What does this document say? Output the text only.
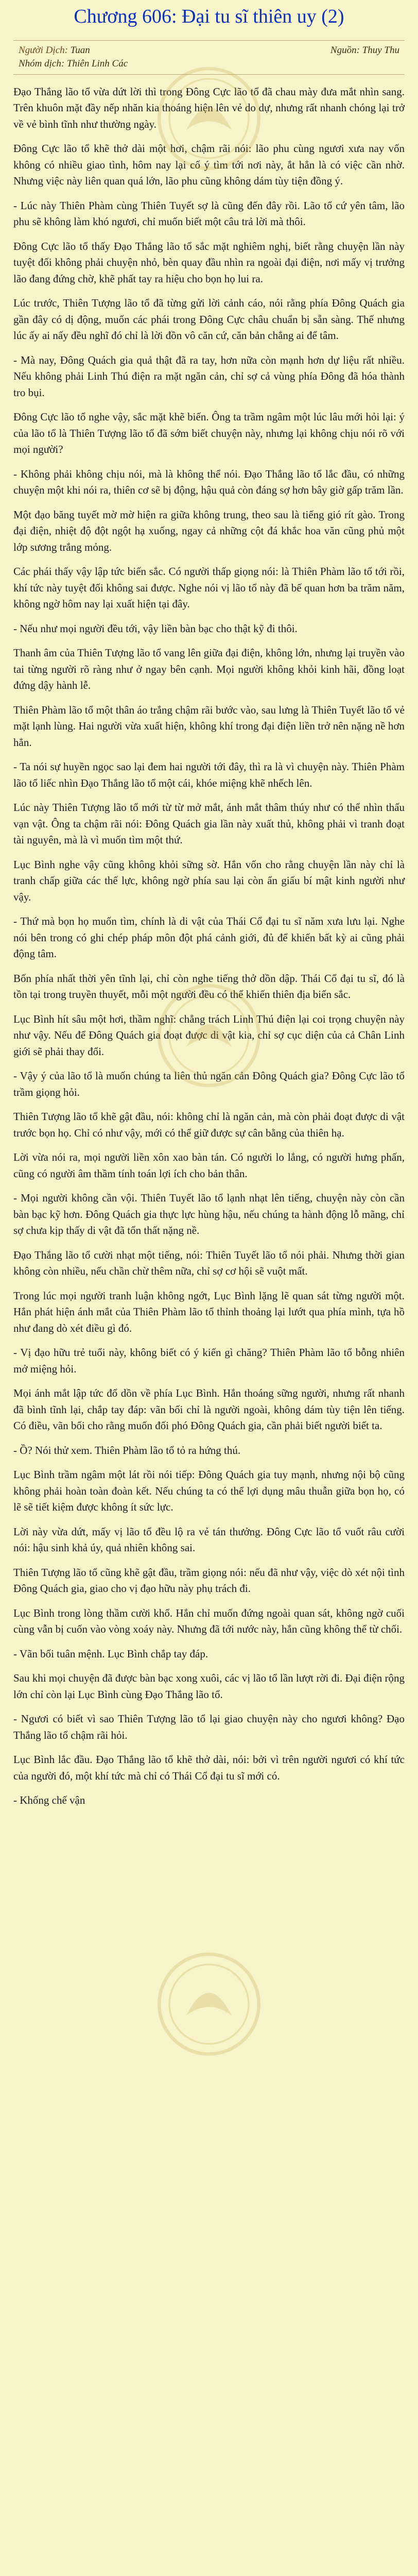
Chương 606: Đại tu sĩ thiên uy (2)
Người Dịch: Tuan	Nguồn: Thuy Thu
Nhóm dịch: Thiên Linh Các

Đạo Thắng lão tổ vừa dứt lời thì trong Đông Cực lão tổ đã chau mày đưa mắt nhìn sang. Trên khuôn mặt đầy nếp nhăn kia thoáng hiện lên vẻ do dự, nhưng rất nhanh chóng lại trở về vẻ bình tĩnh như thường ngày.

Đông Cực lão tổ khẽ thở dài một hơi, chậm rãi nói: lão phu cùng ngươi xưa nay vốn không có nhiều giao tình, hôm nay lại cố ý tìm tới nơi này, ắt hẳn là có việc cần nhờ. Nhưng việc này liên quan quá lớn, lão phu cũng không dám tùy tiện đồng ý.

- Lúc này Thiên Phàm cùng Thiên Tuyết sợ là cũng đến đây rồi. Lão tổ cứ yên tâm, lão phu sẽ không làm khó ngươi, chỉ muốn biết một câu trả lời mà thôi.

Đông Cực lão tổ thấy Đạo Thắng lão tổ sắc mặt nghiêm nghị, biết rằng chuyện lần này tuyệt đối không phải chuyện nhỏ, bèn quay đầu nhìn ra ngoài đại điện, nơi mấy vị trưởng lão đang đứng chờ, khẽ phất tay ra hiệu cho bọn họ lui ra.

Lúc trước, Thiên Tượng lão tổ đã từng gửi lời cảnh cáo, nói rằng phía Đông Quách gia gần đây có dị động, muốn các phái trong Đông Cực châu chuẩn bị sẵn sàng. Thế nhưng lúc ấy ai nấy đều nghĩ đó chỉ là lời đồn vô căn cứ, căn bản chẳng ai để tâm.

- Mà nay, Đông Quách gia quả thật đã ra tay, hơn nữa còn mạnh hơn dự liệu rất nhiều. Nếu không phải Linh Thú điện ra mặt ngăn cản, chỉ sợ cả vùng phía Đông đã hóa thành tro bụi.

Đông Cực lão tổ nghe vậy, sắc mặt khẽ biến. Ông ta trầm ngâm một lúc lâu mới hỏi lại: ý của lão tổ là Thiên Tượng lão tổ đã sớm biết chuyện này, nhưng lại không chịu nói rõ với mọi người?

- Không phải không chịu nói, mà là không thể nói. Đạo Thắng lão tổ lắc đầu, có những chuyện một khi nói ra, thiên cơ sẽ bị động, hậu quả còn đáng sợ hơn bây giờ gấp trăm lần.

Một đạo băng tuyết mờ mờ hiện ra giữa không trung, theo sau là tiếng gió rít gào. Trong đại điện, nhiệt độ đột ngột hạ xuống, ngay cả những cột đá khắc hoa văn cũng phủ một lớp sương trắng mỏng.

Các phái thấy vậy lập tức biến sắc. Có người thấp giọng nói: là Thiên Phàm lão tổ tới rồi, khí tức này tuyệt đối không sai được. Nghe nói vị lão tổ này đã bế quan hơn ba trăm năm, không ngờ hôm nay lại xuất hiện tại đây.

- Nếu như mọi người đều tới, vậy liền bàn bạc cho thật kỹ đi thôi.

Thanh âm của Thiên Tượng lão tổ vang lên giữa đại điện, không lớn, nhưng lại truyền vào tai từng người rõ ràng như ở ngay bên cạnh. Mọi người không khỏi kinh hãi, đồng loạt đứng dậy hành lễ.

Thiên Phàm lão tổ một thân áo trắng chậm rãi bước vào, sau lưng là Thiên Tuyết lão tổ vẻ mặt lạnh lùng. Hai người vừa xuất hiện, không khí trong đại điện liền trở nên nặng nề hơn hẳn.

- Ta nói sự huyền ngọc sao lại đem hai người tới đây, thì ra là vì chuyện này. Thiên Phàm lão tổ liếc nhìn Đạo Thắng lão tổ một cái, khóe miệng khẽ nhếch lên.

Lúc này Thiên Tượng lão tổ mới từ từ mở mắt, ánh mắt thâm thúy như có thể nhìn thấu vạn vật. Ông ta chậm rãi nói: Đông Quách gia lần này xuất thủ, không phải vì tranh đoạt tài nguyên, mà là vì muốn tìm một thứ.

Lục Bình nghe vậy cũng không khỏi sững sờ. Hắn vốn cho rằng chuyện lần này chỉ là tranh chấp giữa các thế lực, không ngờ phía sau lại còn ẩn giấu bí mật kinh người như vậy.

- Thứ mà bọn họ muốn tìm, chính là di vật của Thái Cổ đại tu sĩ năm xưa lưu lại. Nghe nói bên trong có ghi chép pháp môn đột phá cảnh giới, đủ để khiến bất kỳ ai cũng phải động tâm.

Bốn phía nhất thời yên tĩnh lại, chỉ còn nghe tiếng thở dồn dập. Thái Cổ đại tu sĩ, đó là tồn tại trong truyền thuyết, mỗi một người đều có thể khiến thiên địa biến sắc.

Lục Bình hít sâu một hơi, thầm nghĩ: chẳng trách Linh Thú điện lại coi trọng chuyện này như vậy. Nếu để Đông Quách gia đoạt được di vật kia, chỉ sợ cục diện của cả Chân Linh giới sẽ phải thay đổi.

- Vậy ý của lão tổ là muốn chúng ta liên thủ ngăn cản Đông Quách gia? Đông Cực lão tổ trầm giọng hỏi.

Thiên Tượng lão tổ khẽ gật đầu, nói: không chỉ là ngăn cản, mà còn phải đoạt được di vật trước bọn họ. Chỉ có như vậy, mới có thể giữ được sự cân bằng của thiên hạ.

Lời vừa nói ra, mọi người liền xôn xao bàn tán. Có người lo lắng, có người hưng phấn, cũng có người âm thầm tính toán lợi ích cho bản thân.

- Mọi người không cần vội. Thiên Tuyết lão tổ lạnh nhạt lên tiếng, chuyện này còn cần bàn bạc kỹ hơn. Đông Quách gia thực lực hùng hậu, nếu chúng ta hành động lỗ mãng, chỉ sợ chưa kịp thấy di vật đã tổn thất nặng nề.

Đạo Thắng lão tổ cười nhạt một tiếng, nói: Thiên Tuyết lão tổ nói phải. Nhưng thời gian không còn nhiều, nếu chần chừ thêm nữa, chỉ sợ cơ hội sẽ vuột mất.

Trong lúc mọi người tranh luận không ngớt, Lục Bình lặng lẽ quan sát từng người một. Hắn phát hiện ánh mắt của Thiên Phàm lão tổ thỉnh thoảng lại lướt qua phía mình, tựa hồ như đang dò xét điều gì đó.

- Vị đạo hữu trẻ tuổi này, không biết có ý kiến gì chăng? Thiên Phàm lão tổ bỗng nhiên mở miệng hỏi.

Mọi ánh mắt lập tức đổ dồn về phía Lục Bình. Hắn thoáng sững người, nhưng rất nhanh đã bình tĩnh lại, chắp tay đáp: vãn bối chỉ là người ngoài, không dám tùy tiện lên tiếng. Có điều, vãn bối cho rằng muốn đối phó Đông Quách gia, cần phải biết người biết ta.

- Ồ? Nói thử xem. Thiên Phàm lão tổ tỏ ra hứng thú.

Lục Bình trầm ngâm một lát rồi nói tiếp: Đông Quách gia tuy mạnh, nhưng nội bộ cũng không phải hoàn toàn đoàn kết. Nếu chúng ta có thể lợi dụng mâu thuẫn giữa bọn họ, có lẽ sẽ tiết kiệm được không ít sức lực.

Lời này vừa dứt, mấy vị lão tổ đều lộ ra vẻ tán thưởng. Đông Cực lão tổ vuốt râu cười nói: hậu sinh khả úy, quả nhiên không sai.

Thiên Tượng lão tổ cũng khẽ gật đầu, trầm giọng nói: nếu đã như vậy, việc dò xét nội tình Đông Quách gia, giao cho vị đạo hữu này phụ trách đi.

Lục Bình trong lòng thầm cười khổ. Hắn chỉ muốn đứng ngoài quan sát, không ngờ cuối cùng vẫn bị cuốn vào vòng xoáy này. Nhưng đã tới nước này, hắn cũng không thể từ chối.

- Vãn bối tuân mệnh. Lục Bình chắp tay đáp.

Sau khi mọi chuyện đã được bàn bạc xong xuôi, các vị lão tổ lần lượt rời đi. Đại điện rộng lớn chỉ còn lại Lục Bình cùng Đạo Thắng lão tổ.

- Ngươi có biết vì sao Thiên Tượng lão tổ lại giao chuyện này cho ngươi không? Đạo Thắng lão tổ chậm rãi hỏi.

Lục Bình lắc đầu. Đạo Thắng lão tổ khẽ thở dài, nói: bởi vì trên người ngươi có khí tức của người đó, một khí tức mà chỉ có Thái Cổ đại tu sĩ mới có.

- Khống chế vận
